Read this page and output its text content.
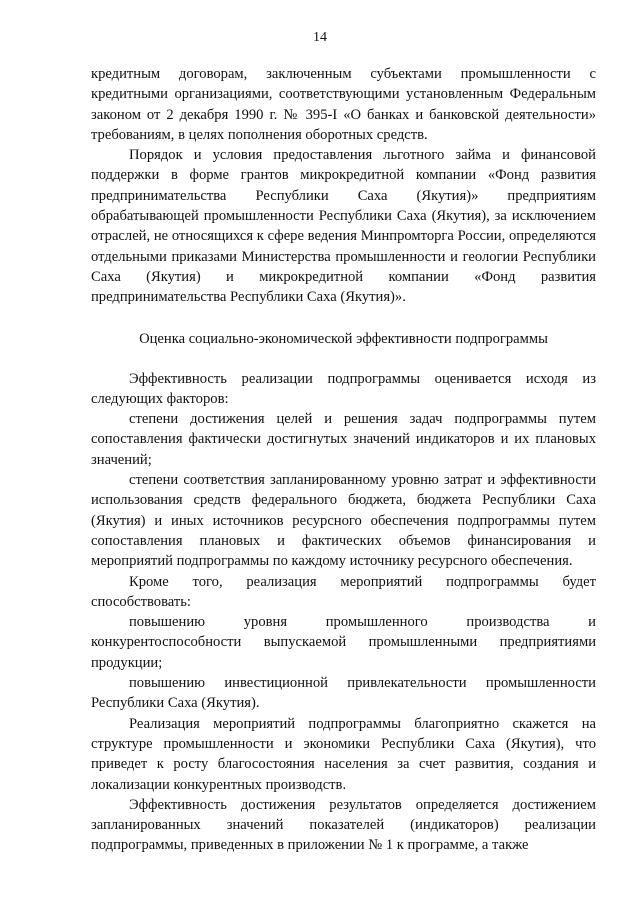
14

кредитным договорам, заключенным субъектами промышленности с кредитными организациями, соответствующими установленным Федеральным законом от 2 декабря 1990 г. № 395-I «О банках и банковской деятельности» требованиям, в целях пополнения оборотных средств.

Порядок и условия предоставления льготного займа и финансовой поддержки в форме грантов микрокредитной компании «Фонд развития предпринимательства Республики Саха (Якутия)» предприятиям обрабатывающей промышленности Республики Саха (Якутия), за исключением отраслей, не относящихся к сфере ведения Минпромторга России, определяются отдельными приказами Министерства промышленности и геологии Республики Саха (Якутия) и микрокредитной компании «Фонд развития предпринимательства Республики Саха (Якутия)».

Оценка социально-экономической эффективности подпрограммы

Эффективность реализации подпрограммы оценивается исходя из следующих факторов:

степени достижения целей и решения задач подпрограммы путем сопоставления фактически достигнутых значений индикаторов и их плановых значений;

степени соответствия запланированному уровню затрат и эффективности использования средств федерального бюджета, бюджета Республики Саха (Якутия) и иных источников ресурсного обеспечения подпрограммы путем сопоставления плановых и фактических объемов финансирования и мероприятий подпрограммы по каждому источнику ресурсного обеспечения.

Кроме того, реализация мероприятий подпрограммы будет способствовать:

повышению уровня промышленного производства и конкурентоспособности выпускаемой промышленными предприятиями продукции;

повышению инвестиционной привлекательности промышленности Республики Саха (Якутия).

Реализация мероприятий подпрограммы благоприятно скажется на структуре промышленности и экономики Республики Саха (Якутия), что приведет к росту благосостояния населения за счет развития, создания и локализации конкурентных производств.

Эффективность достижения результатов определяется достижением запланированных значений показателей (индикаторов) реализации подпрограммы, приведенных в приложении № 1 к программе, а также
